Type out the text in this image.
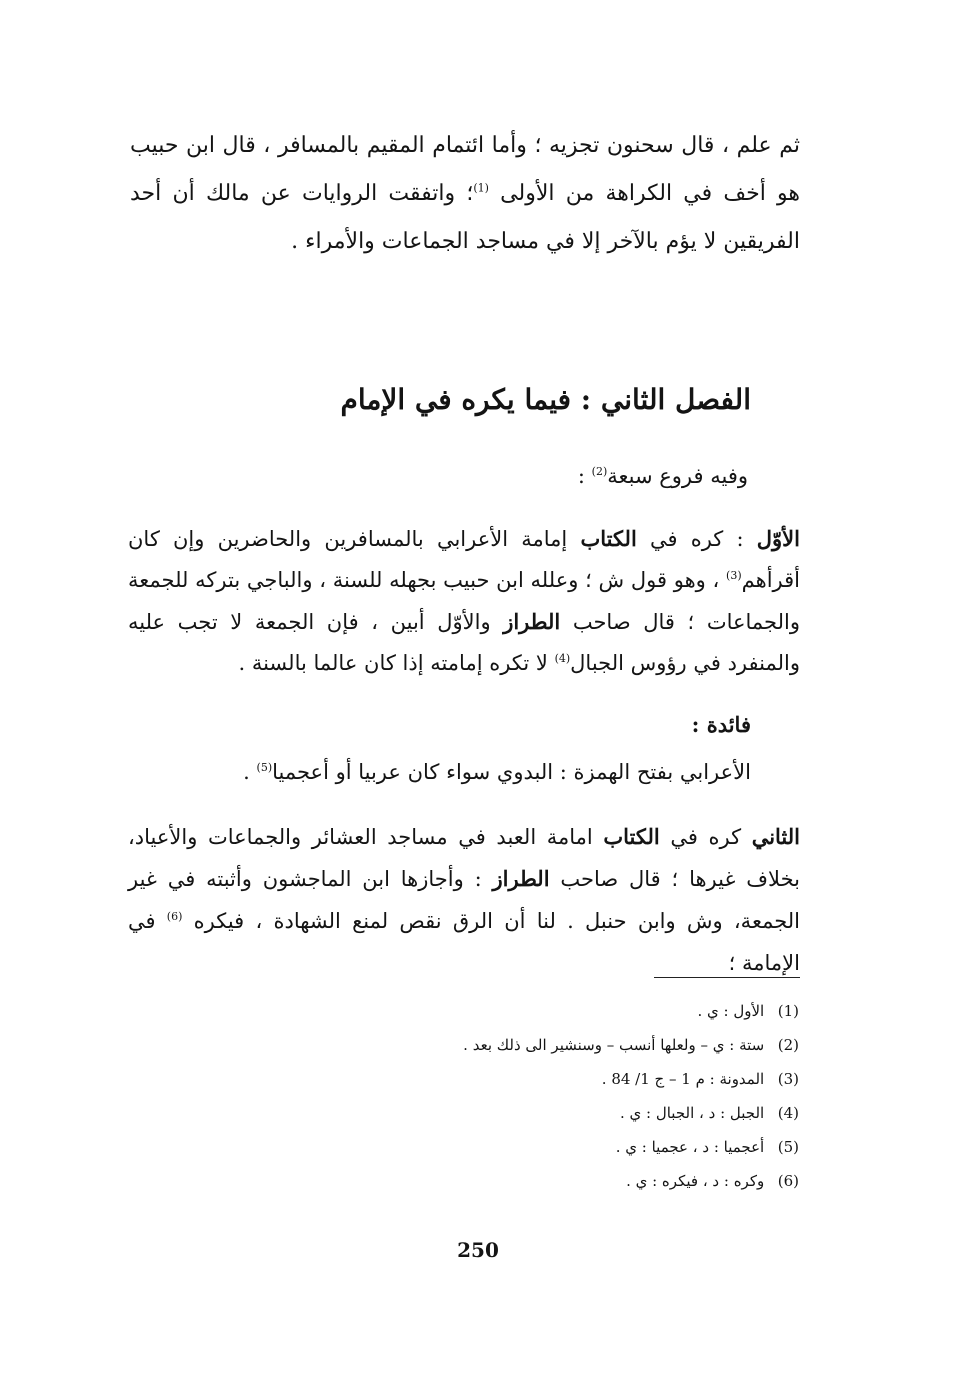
ثم علم ، قال سحنون تجزيه ؛ وأما ائتمام المقيم بالمسافر ، قال ابن حبيب هو أخف في الكراهة من الأولى $^{(1)}$؛ واتفقت الروايات عن مالك أن أحد الفريقين لا يؤم بالآخر إلا في مساجد الجماعات والأمراء .
الفصل الثاني : فيما يكره في الإمام
وفيه فروع سبعة$^{(2)}$ :
الأوّل : كره في الكتاب إمامة الأعرابي بالمسافرين والحاضرين وإن كان أقرأهم$^{(3)}$ ، وهو قول ش ؛ وعلله ابن حبيب بجهله للسنة ، والباجي بتركه للجمعة والجماعات ؛ قال صاحب الطراز والأوّل أبين ، فإن الجمعة لا تجب عليه والمنفرد في رؤوس الجبال$^{(4)}$ لا تكره إمامته إذا كان عالما بالسنة .
فائدة :
الأعرابي بفتح الهمزة : البدوي سواء كان عربيا أو أعجميا$^{(5)}$ .
الثاني كره في الكتاب امامة العبد في مساجد العشائر والجماعات والأعياد، بخلاف غيرها ؛ قال صاحب الطراز : وأجازها ابن الماجشون وأثبته في غير الجمعة، وش وابن حنبل . لنا أن الرق نقص لمنع الشهادة ، فيكره $^{(6)}$ في الإمامة ؛
(1) الأول : ي .
(2) ستة : ي – ولعلها أنسب – وسنشير الى ذلك بعد .
(3) المدونة : م 1 – ج 1/ 84 .
(4) الجبل : د ، الجبال : ي .
(5) أعجميا : د ، عجميا : ي .
(6) وكره : د ، فيكره : ي .
250
